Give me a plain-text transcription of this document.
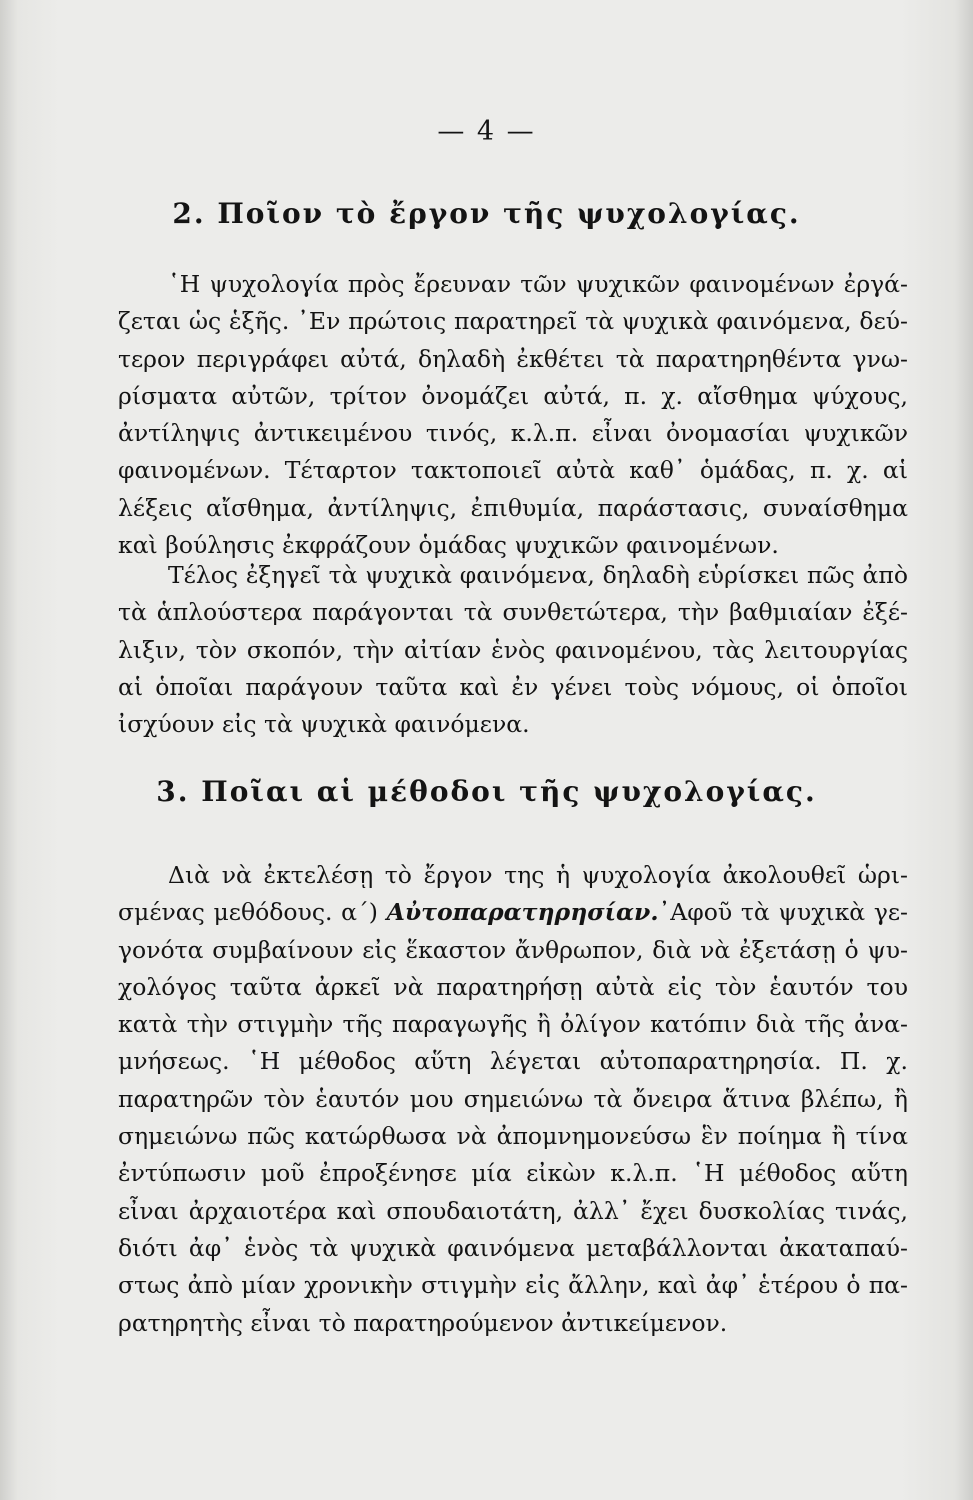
— 4 —
2. Ποῖον τὸ ἔργον τῆς ψυχολογίας.
῾Η ψυχολογία πρὸς ἔρευναν τῶν ψυχικῶν φαινομένων ἐργά-
ζεται ὡς ἑξῆς. ᾿Εν πρώτοις παρατηρεῖ τὰ ψυχικὰ φαινόμενα, δεύ-
τερον περιγράφει αὐτά, δηλαδὴ ἐκθέτει τὰ παρατηρηθέντα γνω-
ρίσματα αὐτῶν, τρίτον ὀνομάζει αὐτά, π. χ. αἴσθημα ψύχους,
ἀντίληψις ἀντικειμένου τινός, κ.λ.π. εἶναι ὀνομασίαι ψυχικῶν
φαινομένων. Τέταρτον τακτοποιεῖ αὐτὰ καθ᾿ ὁμάδας, π. χ. αἱ
λέξεις αἴσθημα, ἀντίληψις, ἐπιθυμία, παράστασις, συναίσθημα
καὶ βούλησις ἐκφράζουν ὁμάδας ψυχικῶν φαινομένων.
Τέλος ἐξηγεῖ τὰ ψυχικὰ φαινόμενα, δηλαδὴ εὑρίσκει πῶς ἀπὸ
τὰ ἁπλούστερα παράγονται τὰ συνθετώτερα, τὴν βαθμιαίαν ἐξέ-
λιξιν, τὸν σκοπόν, τὴν αἰτίαν ἑνὸς φαινομένου, τὰς λειτουργίας
αἱ ὁποῖαι παράγουν ταῦτα καὶ ἐν γένει τοὺς νόμους, οἱ ὁποῖοι
ἰσχύουν εἰς τὰ ψυχικὰ φαινόμενα.
3. Ποῖαι αἱ μέθοδοι τῆς ψυχολογίας.
Διὰ νὰ ἐκτελέσῃ τὸ ἔργον της ἡ ψυχολογία ἀκολουθεῖ ὡρι-
σμένας μεθόδους. α΄) Αὐτοπαρατηρησίαν.᾿Αφοῦ τὰ ψυχικὰ γε-
γονότα συμβαίνουν εἰς ἕκαστον ἄνθρωπον, διὰ νὰ ἐξετάσῃ ὁ ψυ-
χολόγος ταῦτα ἀρκεῖ νὰ παρατηρήσῃ αὐτὰ εἰς τὸν ἑαυτόν του
κατὰ τὴν στιγμὴν τῆς παραγωγῆς ἢ ὀλίγον κατόπιν διὰ τῆς ἀνα-
μνήσεως. ῾Η μέθοδος αὕτη λέγεται αὐτοπαρατηρησία. Π. χ.
παρατηρῶν τὸν ἑαυτόν μου σημειώνω τὰ ὄνειρα ἅτινα βλέπω, ἢ
σημειώνω πῶς κατώρθωσα νὰ ἀπομνημονεύσω ἓν ποίημα ἢ τίνα
ἐντύπωσιν μοῦ ἐπροξένησε μία εἰκὼν κ.λ.π. ῾Η μέθοδος αὕτη
εἶναι ἀρχαιοτέρα καὶ σπουδαιοτάτη, ἀλλ᾿ ἔχει δυσκολίας τινάς,
διότι ἀφ᾿ ἑνὸς τὰ ψυχικὰ φαινόμενα μεταβάλλονται ἀκαταπαύ-
στως ἀπὸ μίαν χρονικὴν στιγμὴν εἰς ἄλλην, καὶ ἀφ᾿ ἑτέρου ὁ πα-
ρατηρητὴς εἶναι τὸ παρατηρούμενον ἀντικείμενον.
